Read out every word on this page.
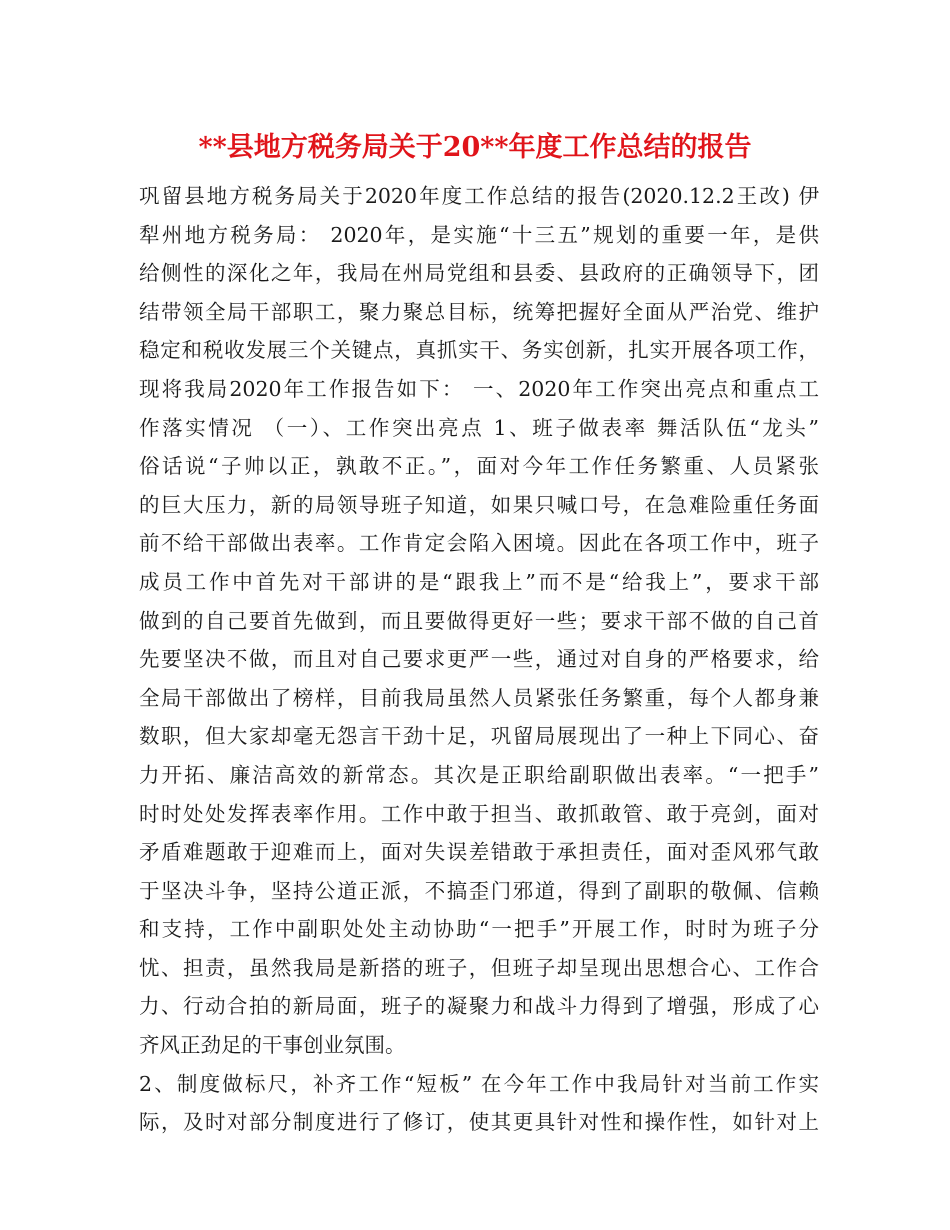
**县地方税务局关于20**年度工作总结的报告
巩留县地方税务局关于2020年度工作总结的报告(2020.12.2王改) 伊
犁州地方税务局： 2020年，是实施“十三五”规划的重要一年，是供
给侧性的深化之年，我局在州局党组和县委、县政府的正确领导下，团
结带领全局干部职工，聚力聚总目标，统筹把握好全面从严治党、维护
稳定和税收发展三个关键点，真抓实干、务实创新，扎实开展各项工作，
现将我局2020年工作报告如下： 一、2020年工作突出亮点和重点工
作落实情况 （一）、工作突出亮点 1、班子做表率 舞活队伍“龙头”
俗话说“子帅以正，孰敢不正。”，面对今年工作任务繁重、人员紧张
的巨大压力，新的局领导班子知道，如果只喊口号，在急难险重任务面
前不给干部做出表率。工作肯定会陷入困境。因此在各项工作中，班子
成员工作中首先对干部讲的是“跟我上”而不是“给我上”，要求干部
做到的自己要首先做到，而且要做得更好一些；要求干部不做的自己首
先要坚决不做，而且对自己要求更严一些，通过对自身的严格要求，给
全局干部做出了榜样，目前我局虽然人员紧张任务繁重，每个人都身兼
数职，但大家却毫无怨言干劲十足，巩留局展现出了一种上下同心、奋
力开拓、廉洁高效的新常态。其次是正职给副职做出表率。“一把手”
时时处处发挥表率作用。工作中敢于担当、敢抓敢管、敢于亮剑，面对
矛盾难题敢于迎难而上，面对失误差错敢于承担责任，面对歪风邪气敢
于坚决斗争，坚持公道正派，不搞歪门邪道，得到了副职的敬佩、信赖
和支持，工作中副职处处主动协助“一把手”开展工作，时时为班子分
忧、担责，虽然我局是新搭的班子，但班子却呈现出思想合心、工作合
力、行动合拍的新局面，班子的凝聚力和战斗力得到了增强，形成了心
齐风正劲足的干事创业氛围。
2、制度做标尺，补齐工作“短板” 在今年工作中我局针对当前工作实
际，及时对部分制度进行了修订，使其更具针对性和操作性，如针对上
